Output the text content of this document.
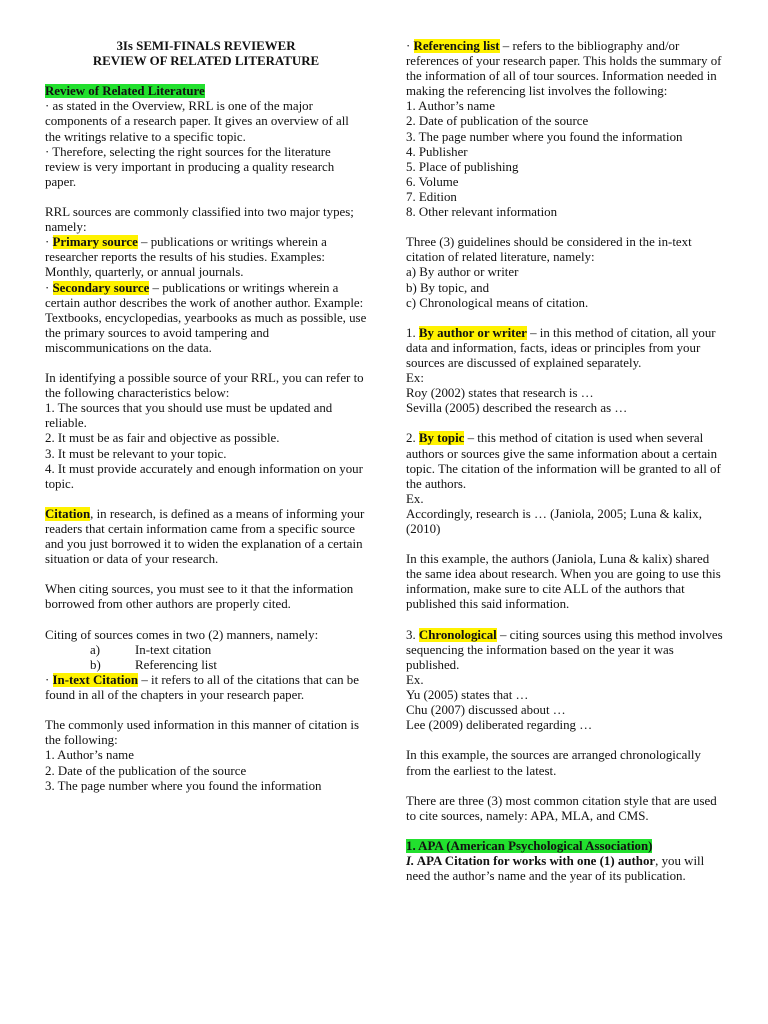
3Is SEMI-FINALS REVIEWER
REVIEW OF RELATED LITERATURE
Review of Related Literature

· as stated in the Overview, RRL is one of the major components of a research paper. It gives an overview of all the writings relative to a specific topic.

· Therefore, selecting the right sources for the literature review is very important in producing a quality research paper.

RRL sources are commonly classified into two major types; namely:

· Primary source – publications or writings wherein a researcher reports the results of his studies. Examples: Monthly, quarterly, or annual journals.

· Secondary source – publications or writings wherein a certain author describes the work of another author. Example: Textbooks, encyclopedias, yearbooks as much as possible, use the primary sources to avoid tampering and miscommunications on the data.

In identifying a possible source of your RRL, you can refer to the following characteristics below:

1. The sources that you should use must be updated and reliable.
2. It must be as fair and objective as possible.
3. It must be relevant to your topic.
4. It must provide accurately and enough information on your topic.

Citation, in research, is defined as a means of informing your readers that certain information came from a specific source and you just borrowed it to widen the explanation of a certain situation or data of your research.

When citing sources, you must see to it that the information borrowed from other authors are properly cited.

Citing of sources comes in two (2) manners, namely:

a)	In-text citation
b)	Referencing list

· In-text Citation – it refers to all of the citations that can be found in all of the chapters in your research paper.

The commonly used information in this manner of citation is the following:

1. Author’s name
2. Date of the publication of the source
3. The page number where you found the information

· Referencing list – refers to the bibliography and/or references of your research paper. This holds the summary of the information of all of tour sources. Information needed in making the referencing list involves the following:

1. Author’s name
2. Date of publication of the source
3. The page number where you found the information
4. Publisher
5. Place of publishing
6. Volume
7. Edition
8. Other relevant information

Three (3) guidelines should be considered in the in-text citation of related literature, namely:

a) By author or writer
b) By topic, and
c) Chronological means of citation.

1. By author or writer – in this method of citation, all your data and information, facts, ideas or principles from your sources are discussed of explained separately.

Ex:
Roy (2002) states that research is …
Sevilla (2005) described the research as …

2. By topic – this method of citation is used when several authors or sources give the same information about a certain topic. The citation of the information will be granted to all of the authors.

Ex.

Accordingly, research is … (Janiola, 2005; Luna & kalix, (2010)

In this example, the authors (Janiola, Luna & kalix) shared the same idea about research. When you are going to use this information, make sure to cite ALL of the authors that published this said information.

3. Chronological – citing sources using this method involves sequencing the information based on the year it was published.

Ex.
Yu (2005) states that …
Chu (2007) discussed about …
Lee (2009) deliberated regarding …

In this example, the sources are arranged chronologically from the earliest to the latest.

There are three (3) most common citation style that are used to cite sources, namely: APA, MLA, and CMS.

1. APA (American Psychological Association)

I. APA Citation for works with one (1) author, you will need the author’s name and the year of its publication.
